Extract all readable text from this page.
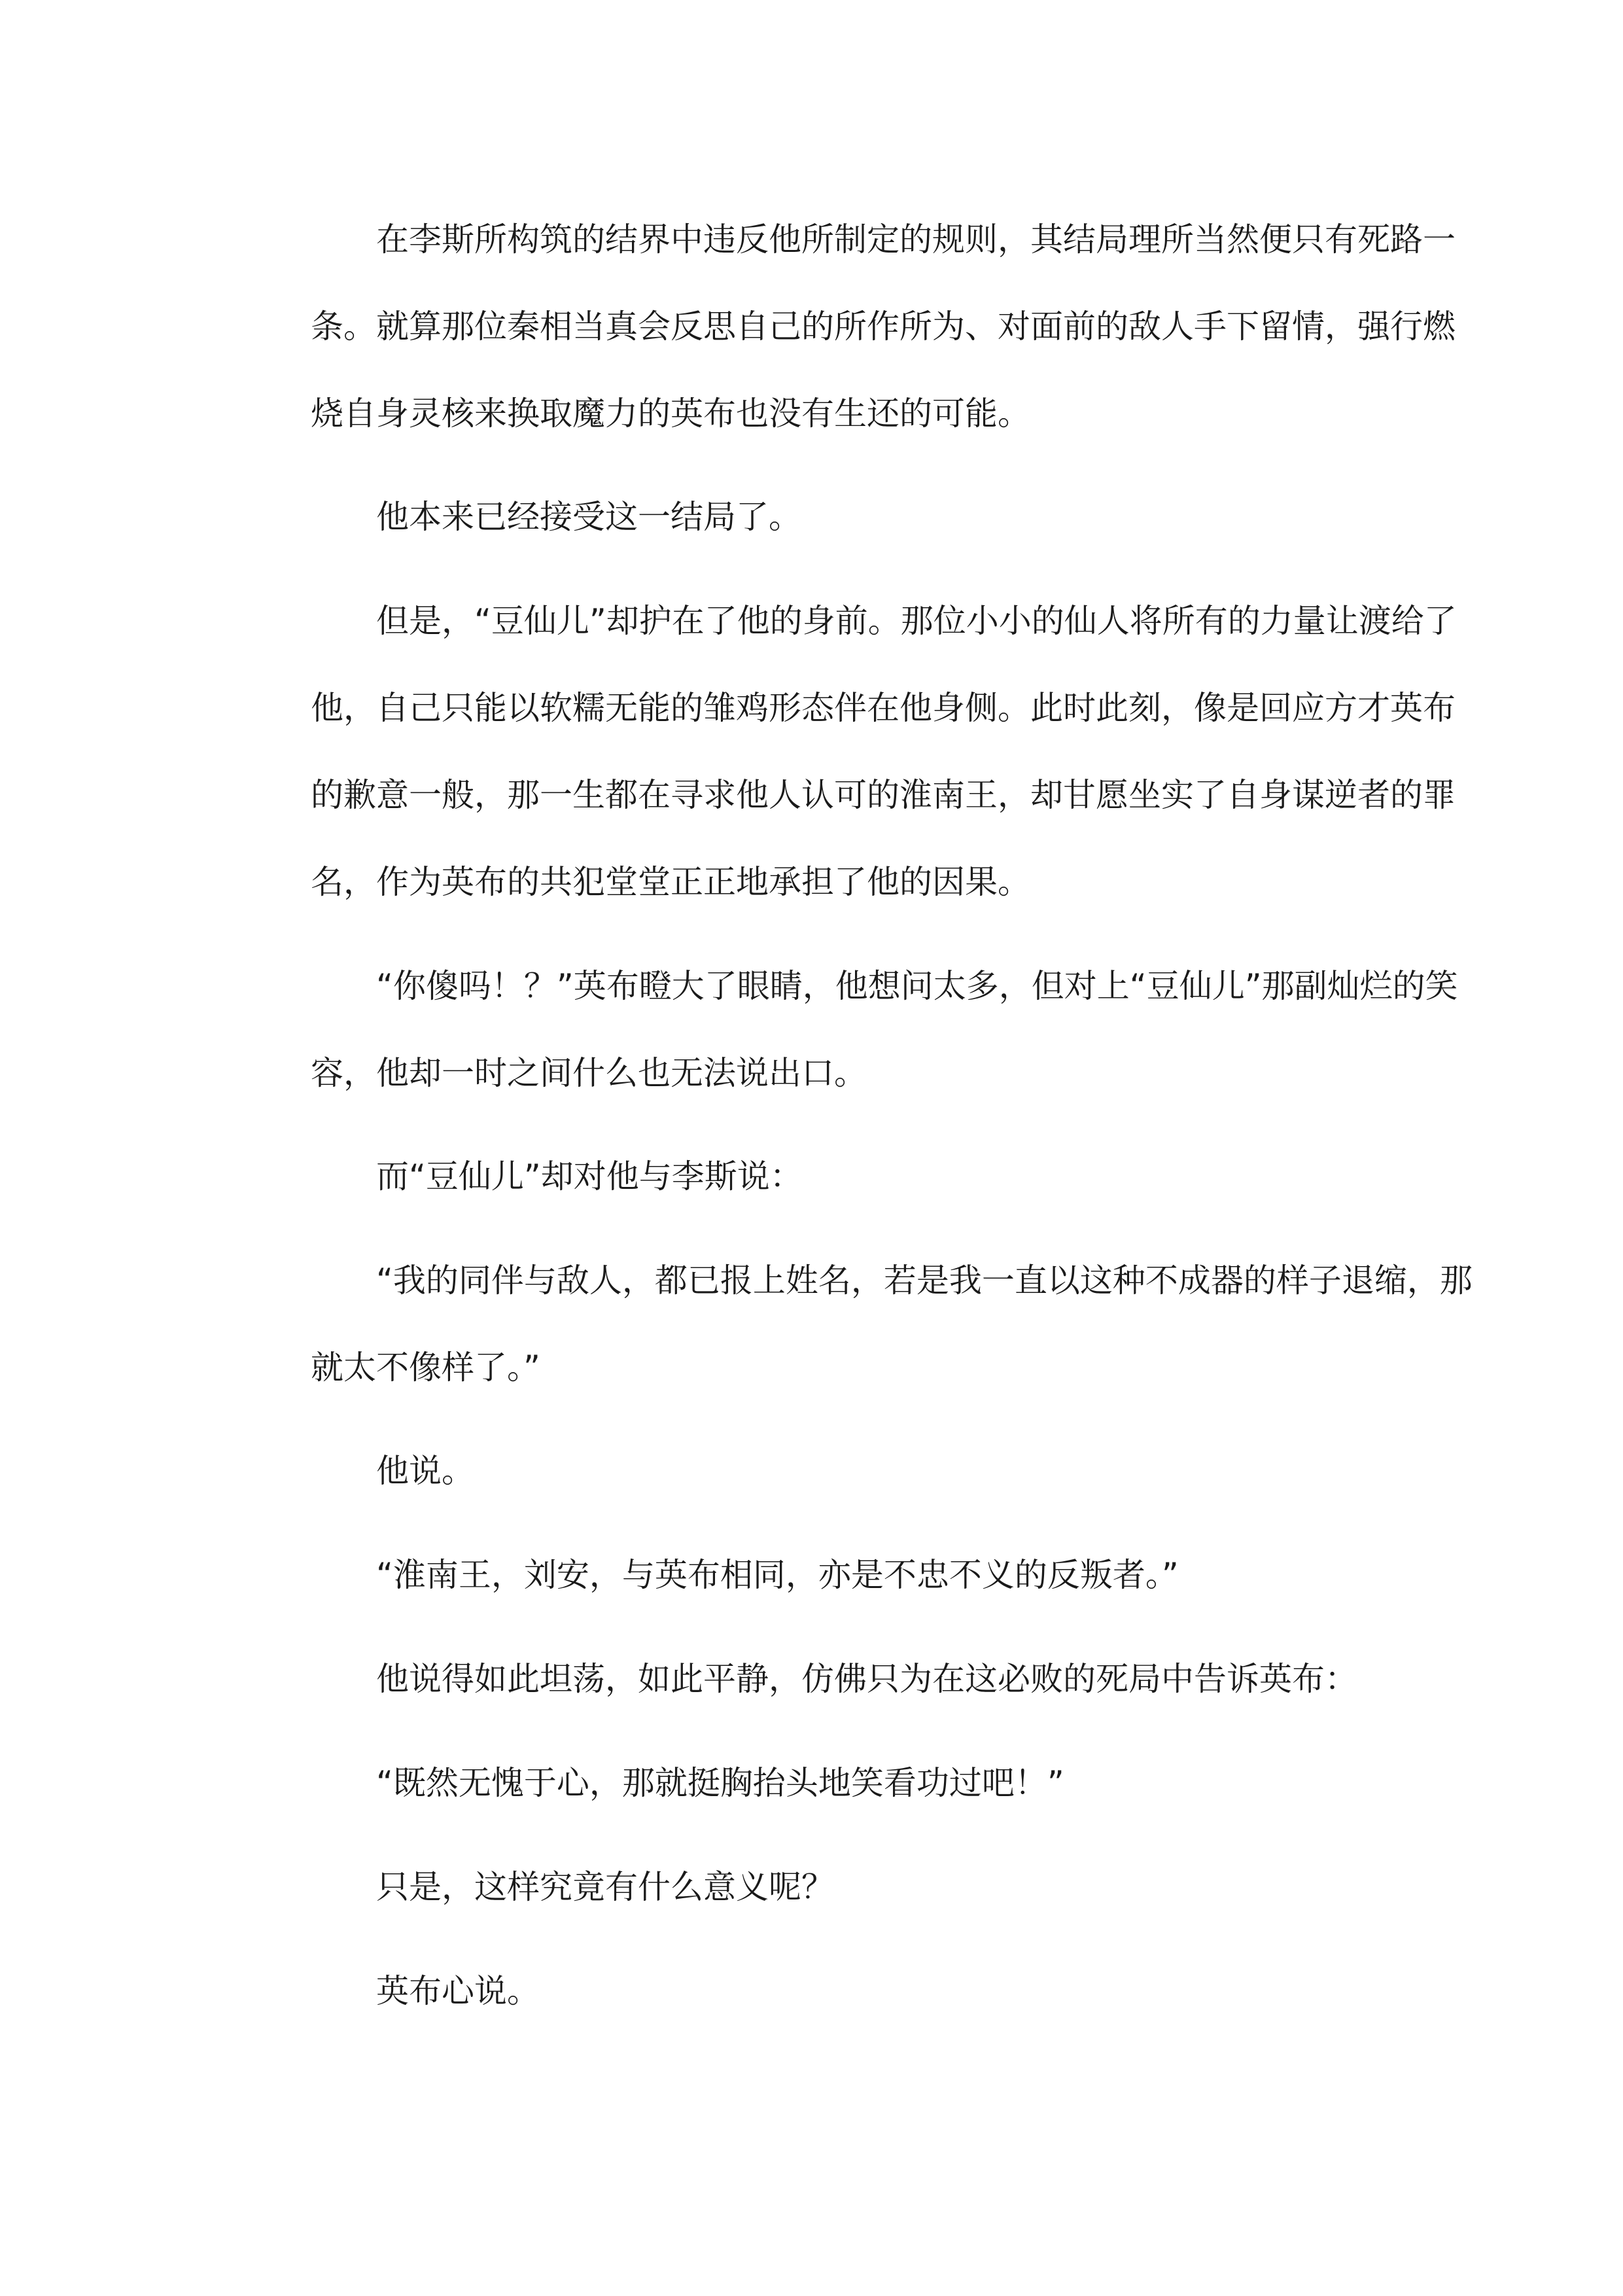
在李斯所构筑的结界中违反他所制定的规则，其结局理所当然便只有死路一
条。就算那位秦相当真会反思自己的所作所为、对面前的敌人手下留情，强行燃
烧自身灵核来换取魔力的英布也没有生还的可能。
他本来已经接受这一结局了。
但是，“豆仙儿”却护在了他的身前。那位小小的仙人将所有的力量让渡给了
他，自己只能以软糯无能的雏鸡形态伴在他身侧。此时此刻，像是回应方才英布
的歉意一般，那一生都在寻求他人认可的淮南王，却甘愿坐实了自身谋逆者的罪
名，作为英布的共犯堂堂正正地承担了他的因果。
“你傻吗！？”英布瞪大了眼睛，他想问太多，但对上“豆仙儿”那副灿烂的笑
容，他却一时之间什么也无法说出口。
而“豆仙儿”却对他与李斯说：
“我的同伴与敌人，都已报上姓名，若是我一直以这种不成器的样子退缩，那
就太不像样了。”
他说。
“淮南王，刘安，与英布相同，亦是不忠不义的反叛者。”
他说得如此坦荡，如此平静，仿佛只为在这必败的死局中告诉英布：
“既然无愧于心，那就挺胸抬头地笑看功过吧！”
只是，这样究竟有什么意义呢？
英布心说。
